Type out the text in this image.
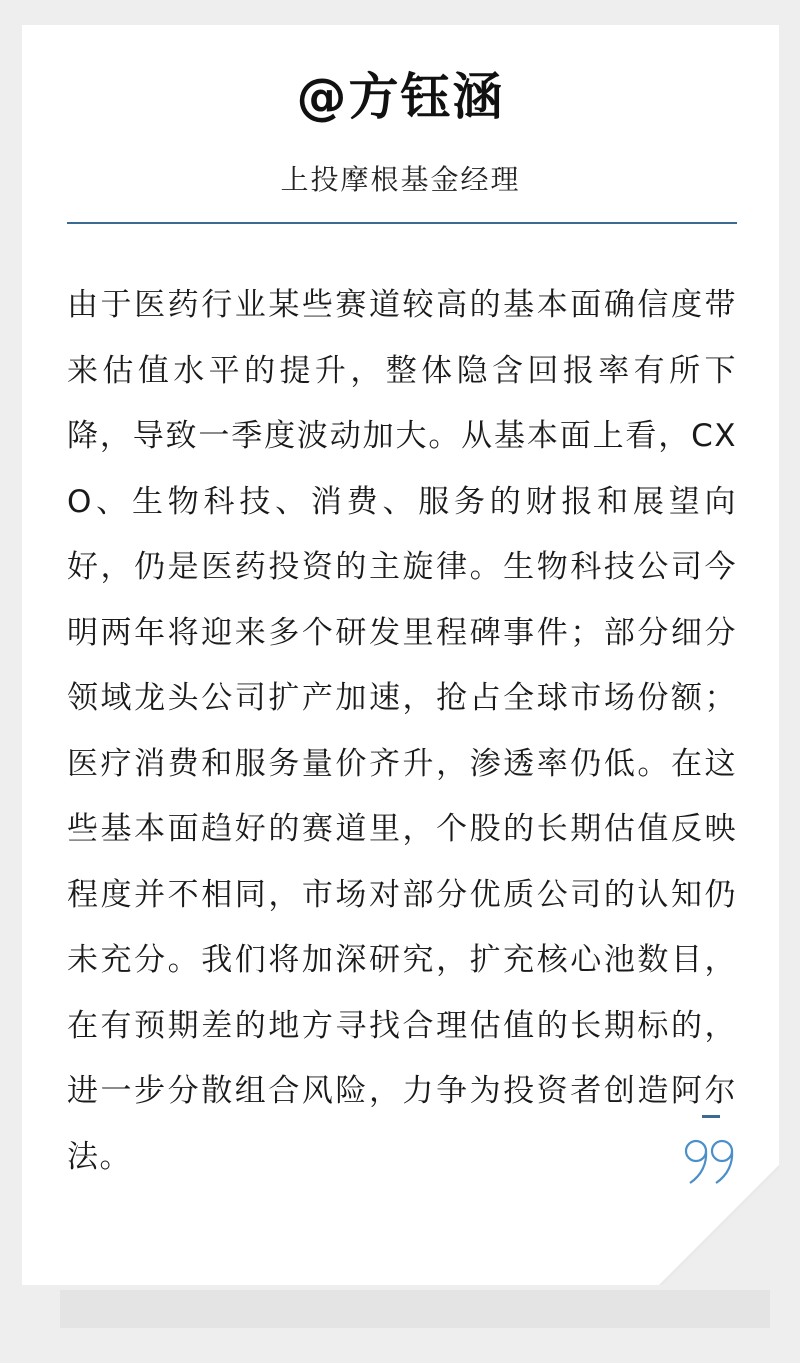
@方钰涵
上投摩根基金经理
由于医药行业某些赛道较高的基本面确信度带来估值水平的提升，整体隐含回报率有所下降，导致一季度波动加大。从基本面上看，CXO、生物科技、消费、服务的财报和展望向好，仍是医药投资的主旋律。生物科技公司今明两年将迎来多个研发里程碑事件；部分细分领域龙头公司扩产加速，抢占全球市场份额；医疗消费和服务量价齐升，渗透率仍低。在这些基本面趋好的赛道里，个股的长期估值反映程度并不相同，市场对部分优质公司的认知仍未充分。我们将加深研究，扩充核心池数目，在有预期差的地方寻找合理估值的长期标的，进一步分散组合风险，力争为投资者创造阿尔法。
